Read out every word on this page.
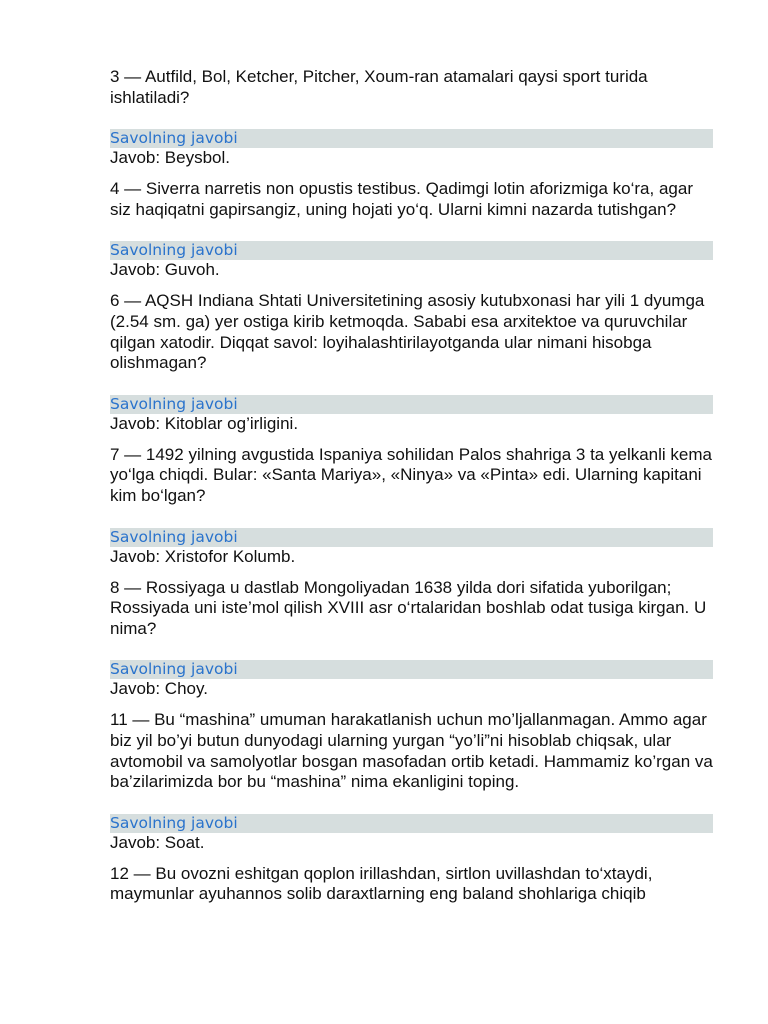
3 — Autfild, Bol, Ketcher, Pitcher, Xoum-ran atamalari qaysi sport turida ishlatiladi?

Savolning javobi

Javob: Beysbol.

4 — Siverra narretis non opustis testibus. Qadimgi lotin aforizmiga ko‘ra, agar siz haqiqatni gapirsangiz, uning hojati yo‘q. Ularni kimni nazarda tutishgan?

Savolning javobi

Javob: Guvoh.

6 — AQSH Indiana Shtati Universitetining asosiy kutubxonasi har yili 1 dyumga (2.54 sm. ga) yer ostiga kirib ketmoqda. Sababi esa arxitektoe va quruvchilar qilgan xatodir. Diqqat savol: loyihalashtirilayotganda ular nimani hisobga olishmagan?

Savolning javobi

Javob: Kitoblar og’irligini.

7 — 1492 yilning avgustida Ispaniya sohilidan Palos shahriga 3 ta yelkanli kema yo‘lga chiqdi. Bular: «Santa Mariya», «Ninya» va «Pinta» edi. Ularning kapitani kim bo‘lgan?

Savolning javobi

Javob: Xristofor Kolumb.

8 — Rossiyaga u dastlab Mongoliyadan 1638 yilda dori sifatida yuborilgan; Rossiyada uni iste’mol qilish XVIII asr o‘rtalaridan boshlab odat tusiga kirgan. U nima?

Savolning javobi

Javob: Choy.

11 — Bu “mashina” umuman harakatlanish uchun mo’ljallanmagan. Ammo agar biz yil bo’yi butun dunyodagi ularning yurgan “yo’li”ni hisoblab chiqsak, ular avtomobil va samolyotlar bosgan masofadan ortib ketadi. Hammamiz ko’rgan va ba’zilarimizda bor bu “mashina” nima ekanligini toping.

Savolning javobi

Javob: Soat.

12 — Bu ovozni eshitgan qoplon irillashdan, sirtlon uvillashdan to‘xtaydi, maymunlar ayuhannos solib daraxtlarning eng baland shohlariga chiqib
